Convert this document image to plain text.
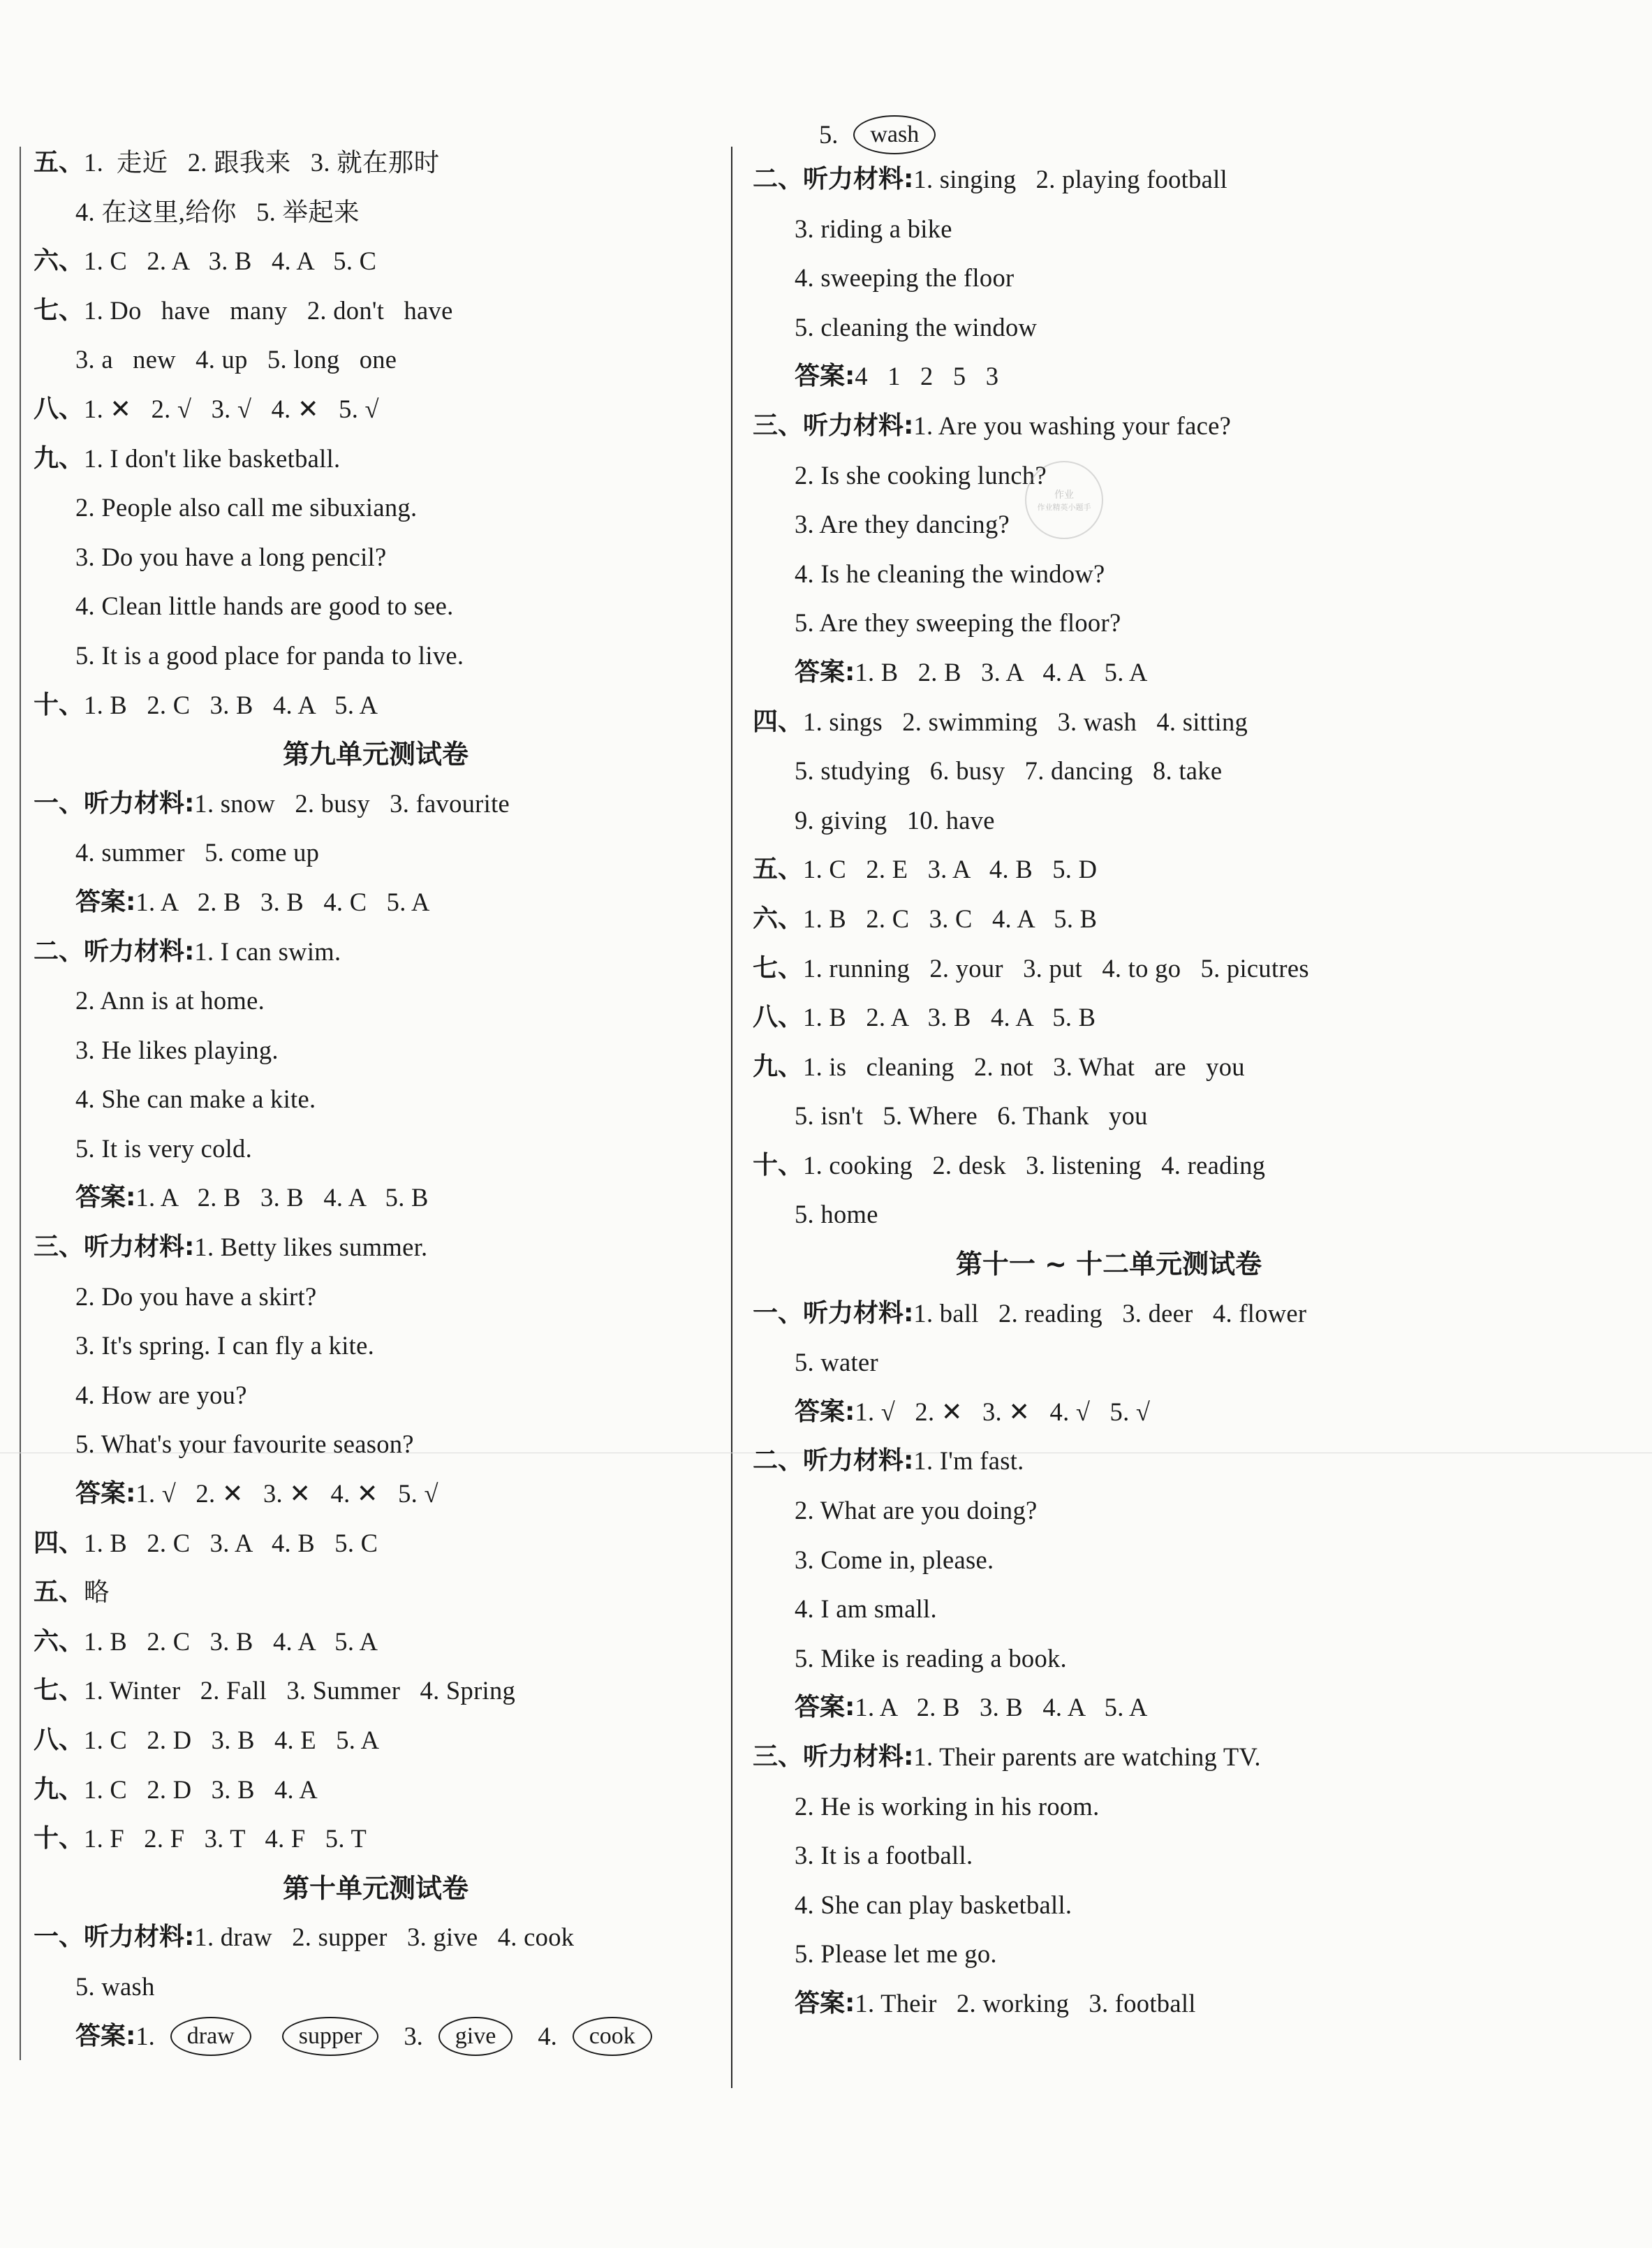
五、 1.  走近   2. 跟我来   3. 就在那时
4. 在这里,给你   5. 举起来
六、 1. C   2. A   3. B   4. A   5. C
七、 1. Do   have   many   2. don't   have
3. a   new   4. up   5. long   one
八、 1. ✕   2. √   3. √   4. ✕   5. √
九、 1. I don't like basketball.
2. People also call me sibuxiang.
3. Do you have a long pencil?
4. Clean little hands are good to see.
5. It is a good place for panda to live.
十、 1. B   2. C   3. B   4. A   5. A
第九单元测试卷
一、听力材料: 1. snow   2. busy   3. favourite
4. summer   5. come up
答案: 1. A   2. B   3. B   4. C   5. A
二、听力材料: 1. I can swim.
2. Ann is at home.
3. He likes playing.
4. She can make a kite.
5. It is very cold.
答案: 1. A   2. B   3. B   4. A   5. B
三、听力材料: 1. Betty likes summer.
2. Do you have a skirt?
3. It's spring. I can fly a kite.
4. How are you?
5. What's your favourite season?
答案: 1. √   2. ✕   3. ✕   4. ✕   5. √
四、 1. B   2. C   3. A   4. B   5. C
五、 略
六、 1. B   2. C   3. B   4. A   5. A
七、 1. Winter   2. Fall   3. Summer   4. Spring
八、 1. C   2. D   3. B   4. E   5. A
九、 1. C   2. D   3. B   4. A
十、 1. F   2. F   3. T   4. F   5. T
第十单元测试卷
一、听力材料: 1. draw   2. supper   3. give   4. cook
5. wash
答案: 1.	draw	supper	3.	give	4.	cook
5.	wash
二、听力材料: 1. singing   2. playing football
3. riding a bike
4. sweeping the floor
5. cleaning the window
答案: 4   1   2   5   3
三、听力材料: 1. Are you washing your face?
2. Is she cooking lunch?
3. Are they dancing?
4. Is he cleaning the window?
5. Are they sweeping the floor?
答案: 1. B   2. B   3. A   4. A   5. A
四、 1. sings   2. swimming   3. wash   4. sitting
5. studying   6. busy   7. dancing   8. take
9. giving   10. have
五、 1. C   2. E   3. A   4. B   5. D
六、 1. B   2. C   3. C   4. A   5. B
七、 1. running   2. your   3. put   4. to go   5. picutres
八、 1. B   2. A   3. B   4. A   5. B
九、 1. is   cleaning   2. not   3. What   are   you
5. isn't   5. Where   6. Thank   you
十、 1. cooking   2. desk   3. listening   4. reading
5. home
第十一 ~ 十二单元测试卷
一、听力材料: 1. ball   2. reading   3. deer   4. flower
5. water
答案: 1. √   2. ✕   3. ✕   4. √   5. √
二、听力材料: 1. I'm fast.
2. What are you doing?
3. Come in, please.
4. I am small.
5. Mike is reading a book.
答案: 1. A   2. B   3. B   4. A   5. A
三、听力材料: 1. Their parents are watching TV.
2. He is working in his room.
3. It is a football.
4. She can play basketball.
5. Please let me go.
答案: 1. Their   2. working   3. football
作业
作业精英小题手
